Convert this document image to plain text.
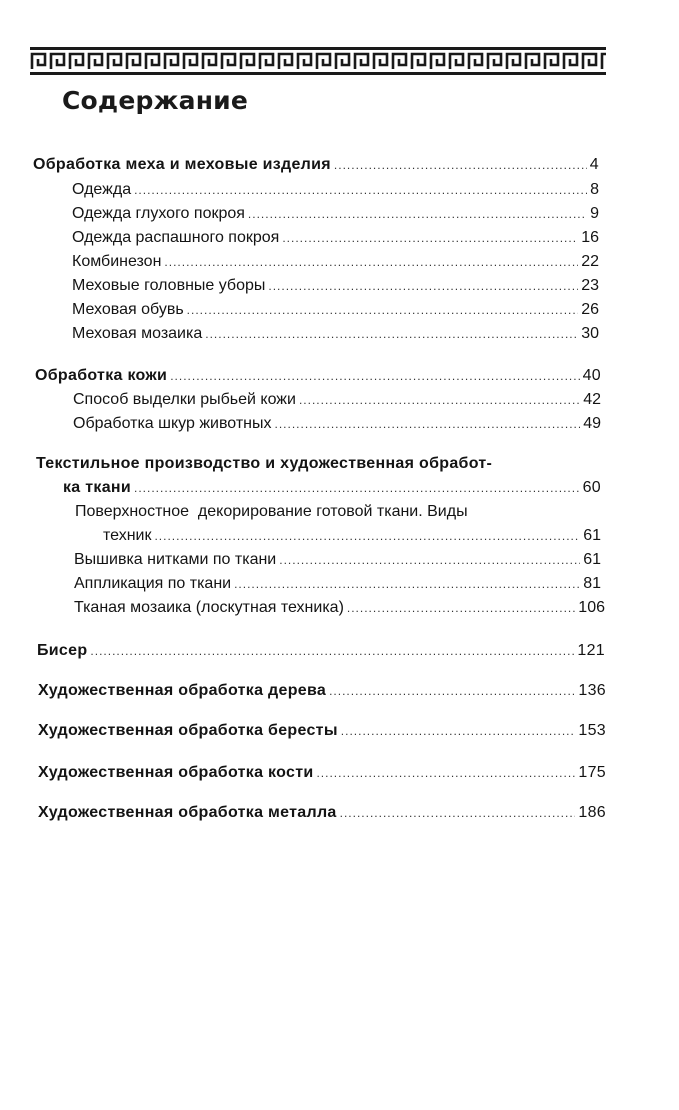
Содержание
Обработка меха и меховые изделия .....	4
Одежда .....	8
Одежда глухого покроя .....	9
Одежда распашного покроя .....	16
Комбинезон .....	22
Меховые головные уборы .....	23
Меховая обувь .....	26
Меховая мозаика .....	30
Обработка кожи .....	40
Способ выделки рыбьей кожи .....	42
Обработка шкур животных .....	49
Текстильное производство и художественная обработ-
ка ткани .....	60
Поверхностное  декорирование готовой ткани. Виды
техник .....	61
Вышивка нитками по ткани .....	61
Аппликация по ткани .....	81
Тканая мозаика (лоскутная техника) .....	106
Бисер .....	121
Художественная обработка дерева .....	136
Художественная обработка бересты .....	153
Художественная обработка кости .....	175
Художественная обработка металла .....	186
